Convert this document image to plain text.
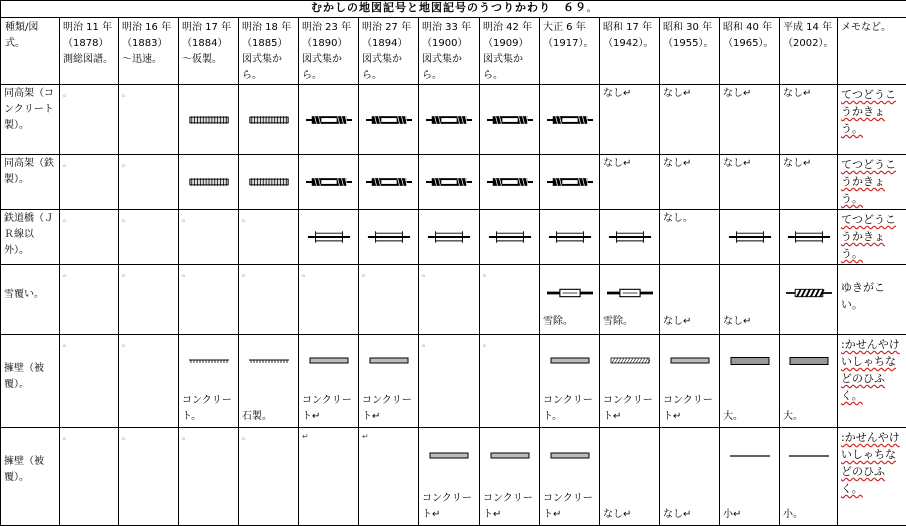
むかしの地図記号と地図記号のうつりかわり　６９。														

種類/図式。	明治 11 年（1878）測総図譜。	明治 16 年（1883）～迅速。	明治 17 年（1884）～仮製。	明治 18 年（1885）図式集から。	明治 23 年（1890）図式集から。	明治 27 年（1894）図式集から。	明治 33 年（1900）図式集から。	明治 42 年（1909）図式集から。	大正 6 年（1917）。	昭和 17 年（1942）。	昭和 30 年（1955）。	昭和 40 年（1965）。	平成 14 年（2002）。	メモなど。

同高架（コンクリート製）。	。	。								なし↵	なし↵	なし↵	なし↵	てつどうこうかきょう。

同高架（鉄製）。	。	。								なし↵	なし↵	なし↵	なし↵	てつどうこうかきょう。

鉄道橋（ＪＲ線以外）。	。	。	。	。							なし。			てつどうこうかきょう。

雪覆い。	。	。	。	。	。	。	。	。	雪除。	雪除。	なし↵	なし↵		ゆきがこい。

擁壁（被覆）。	。	。	コンクリート。	石製。	コンクリート↵	コンクリート↵	。	。	コンクリート。	コンクリート↵	コンクリート↵	大。	大。	:かせんやけいしゃちなどのひふく。

擁壁（被覆）。	。	。	。	。	↵	↵	コンクリート↵	コンクリート↵	コンクリート↵	なし↵	なし↵	小↵	小。	:かせんやけいしゃちなどのひふく。
